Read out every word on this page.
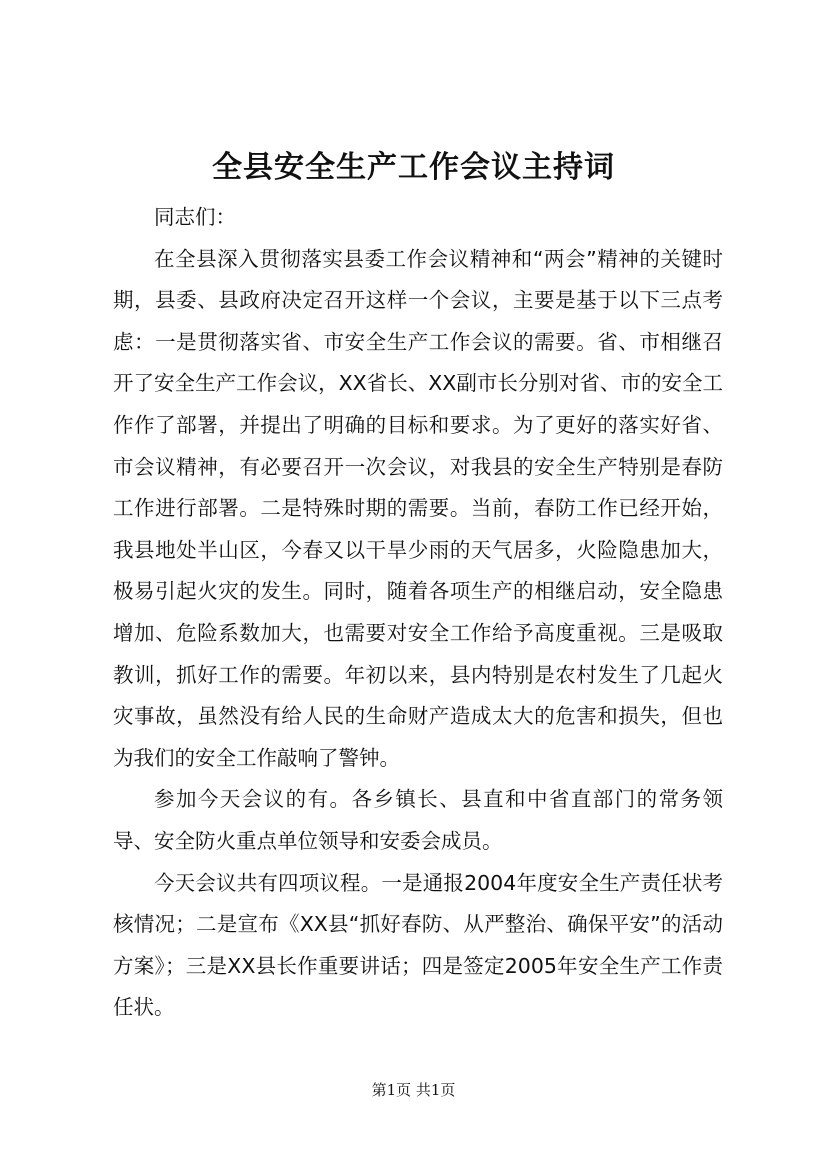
全县安全生产工作会议主持词

同志们：

在全县深入贯彻落实县委工作会议精神和“两会”精神的关键时期，县委、县政府决定召开这样一个会议，主要是基于以下三点考虑：一是贯彻落实省、市安全生产工作会议的需要。省、市相继召开了安全生产工作会议，XX省长、XX副市长分别对省、市的安全工作作了部署，并提出了明确的目标和要求。为了更好的落实好省、市会议精神，有必要召开一次会议，对我县的安全生产特别是春防工作进行部署。二是特殊时期的需要。当前，春防工作已经开始，我县地处半山区，今春又以干旱少雨的天气居多，火险隐患加大，极易引起火灾的发生。同时，随着各项生产的相继启动，安全隐患增加、危险系数加大，也需要对安全工作给予高度重视。三是吸取教训，抓好工作的需要。年初以来，县内特别是农村发生了几起火灾事故，虽然没有给人民的生命财产造成太大的危害和损失，但也为我们的安全工作敲响了警钟。

参加今天会议的有。各乡镇长、县直和中省直部门的常务领导、安全防火重点单位领导和安委会成员。

今天会议共有四项议程。一是通报2004年度安全生产责任状考核情况；二是宣布《XX县“抓好春防、从严整治、确保平安”的活动方案》；三是XX县长作重要讲话；四是签定2005年安全生产工作责任状。

第1页 共1页
